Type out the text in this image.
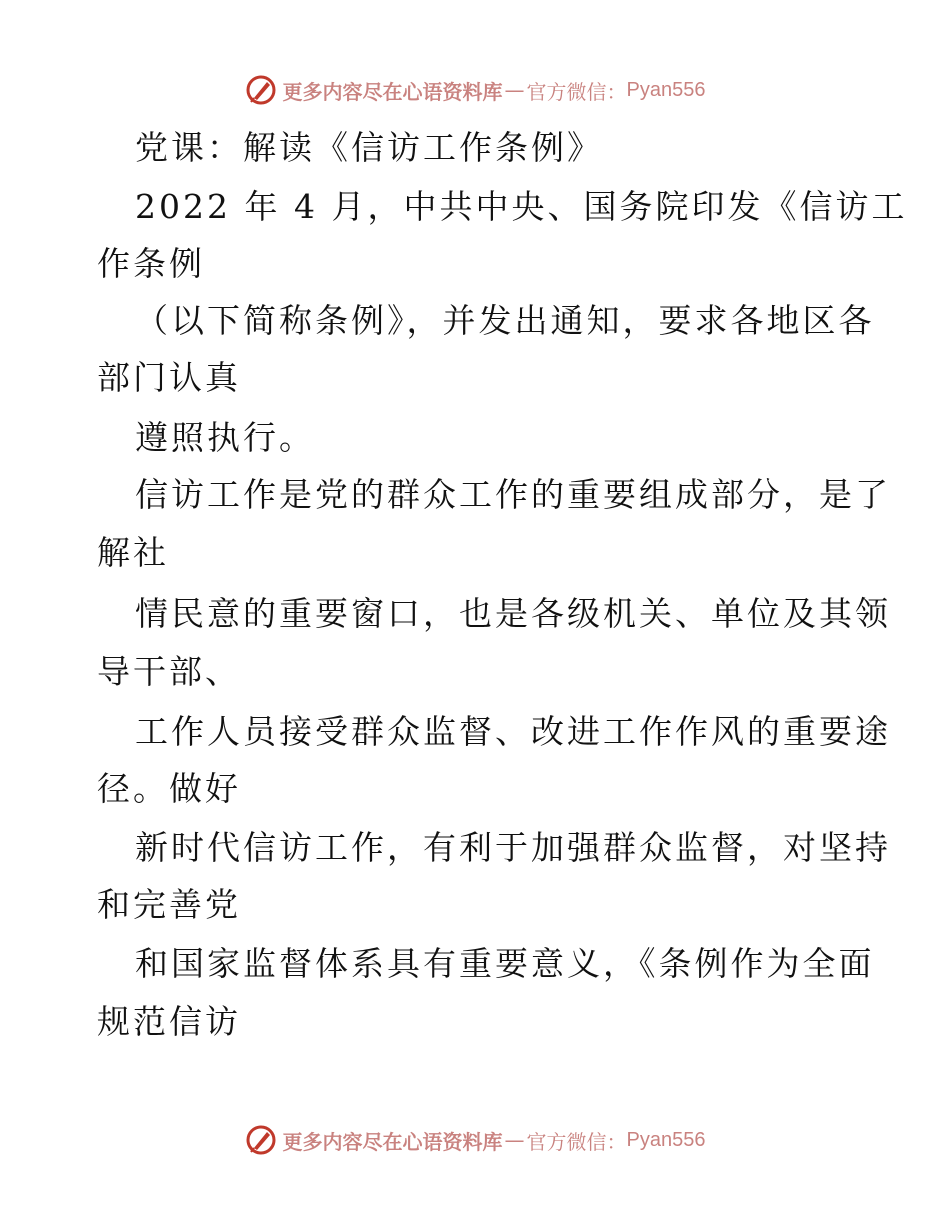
更多内容尽在心语资料库 — 官方微信： Pyan556
党课：解读《信访工作条例》
2022 年 4 月，中共中央、国务院印发《信访工
作条例
（以下简称条例》，并发出通知，要求各地区各
部门认真
遵照执行。
信访工作是党的群众工作的重要组成部分，是了
解社
情民意的重要窗口，也是各级机关、单位及其领
导干部、
工作人员接受群众监督、改进工作作风的重要途
径。做好
新时代信访工作，有利于加强群众监督，对坚持
和完善党
和国家监督体系具有重要意义，《条例作为全面
规范信访
更多内容尽在心语资料库 — 官方微信： Pyan556
